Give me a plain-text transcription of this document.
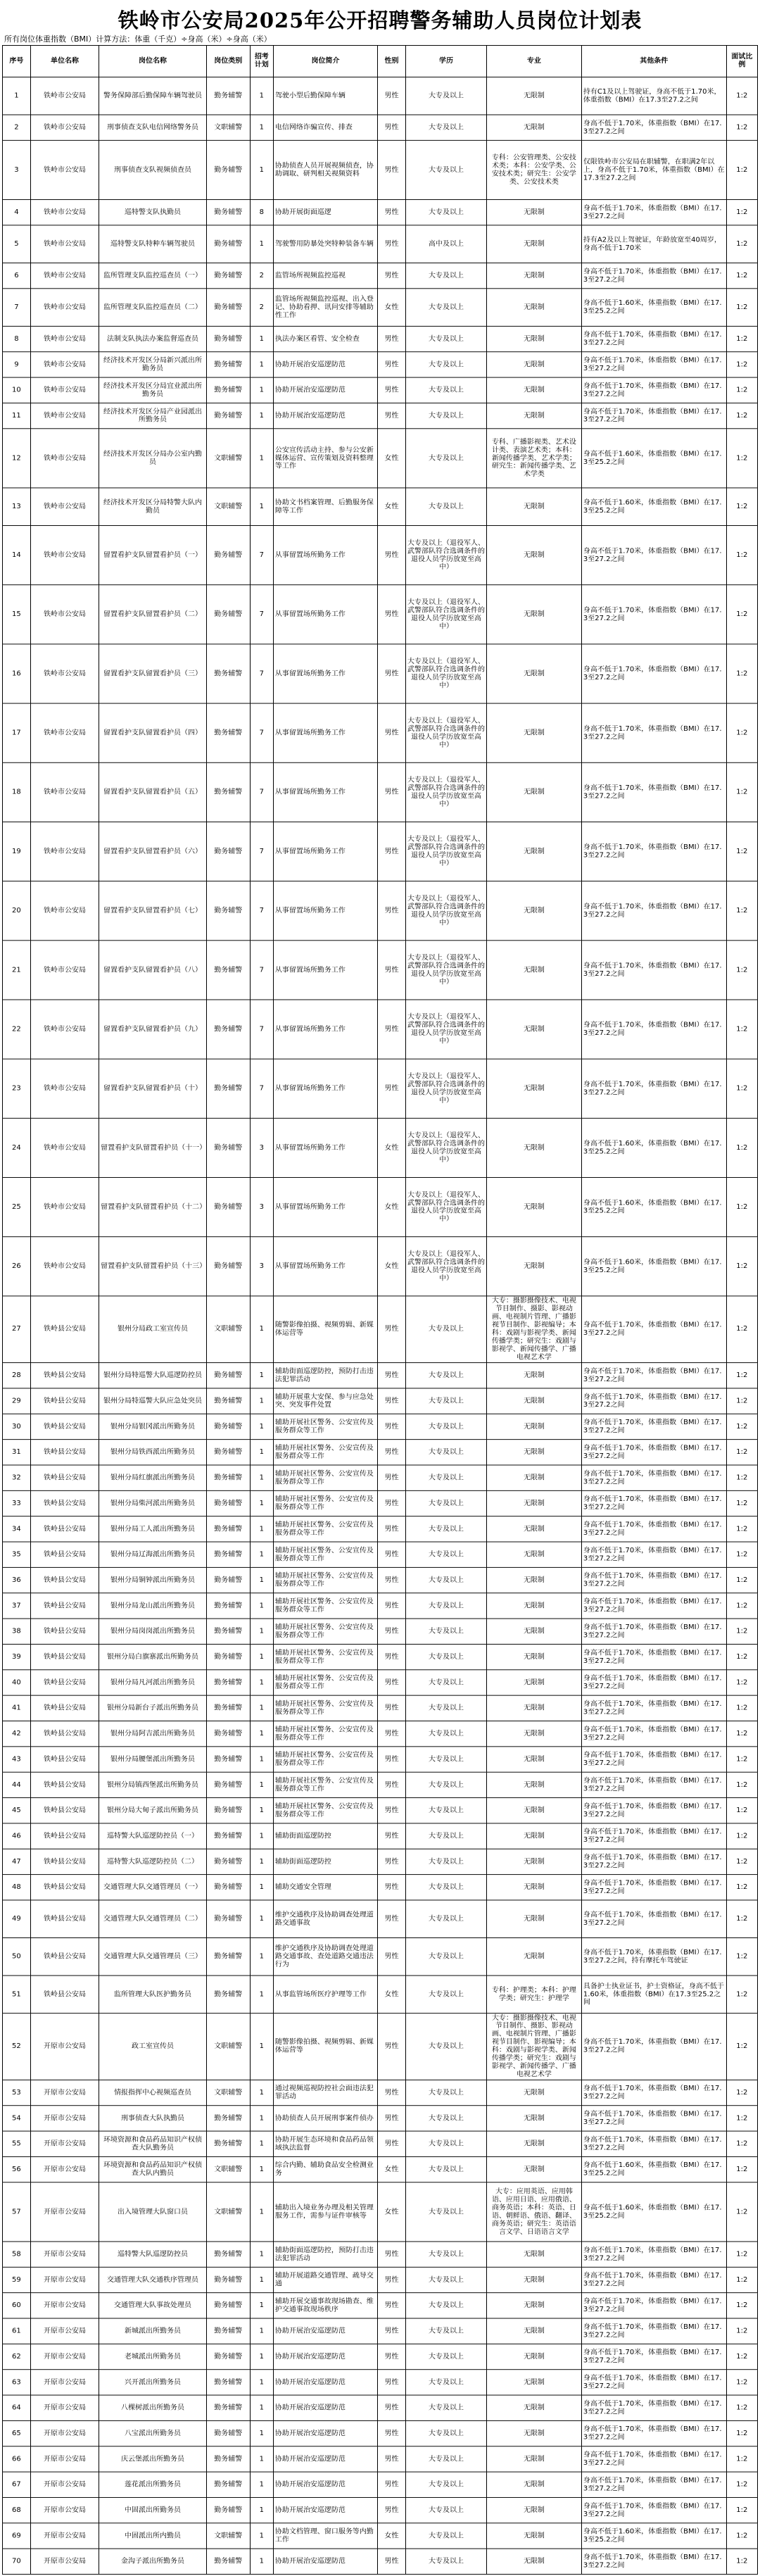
铁岭市公安局2025年公开招聘警务辅助人员岗位计划表
所有岗位体重指数（BMI）计算方法：体重（千克）÷身高（米）÷身高（米）
序号	单位名称	岗位名称	岗位类别	招考计划	岗位简介	性别	学历	专业	其他条件	面试比例
1	铁岭市公安局	警务保障部后勤保障车辆驾驶员	勤务辅警	1	驾驶小型后勤保障车辆	男性	大专及以上	无限制	持有C1及以上驾驶证，身高不低于1.70米，体重指数（BMI）在17.3至27.2之间	1:2
2	铁岭市公安局	刑事侦查支队电信网络警务员	文职辅警	1	电信网络诈骗宣传、排查	男性	大专及以上	无限制	身高不低于1.70米，体重指数（BMI）在17.3至27.2之间	1:2
3	铁岭市公安局	刑事侦查支队视频侦查员	勤务辅警	1	协助侦查人员开展视频侦查，协助调取、研判相关视频资料	男性	大专及以上	专科：公安管理类、公安技术类；本科：公安学类、公安技术类；研究生：公安学类、公安技术类	仅限铁岭市公安局在职辅警，在职满2年以上，身高不低于1.70米，体重指数（BMI）在17.3至27.2之间	1:2
4	铁岭市公安局	巡特警支队执勤员	勤务辅警	8	协助开展街面巡逻	男性	大专及以上	无限制	身高不低于1.70米，体重指数（BMI）在17.3至27.2之间	1:2
5	铁岭市公安局	巡特警支队特种车辆驾驶员	勤务辅警	1	驾驶警用防暴处突特种装备车辆	男性	高中及以上	无限制	持有A2及以上驾驶证，年龄放宽至40周岁，身高不低于1.70米	1:2
6	铁岭市公安局	监所管理支队监控巡查员（一）	勤务辅警	2	监管场所视频监控巡视	男性	大专及以上	无限制	身高不低于1.70米，体重指数（BMI）在17.3至27.2之间	1:2
7	铁岭市公安局	监所管理支队监控巡查员（二）	勤务辅警	2	监管场所视频监控巡视、出入登记、协助看押、讯问安排等辅助性工作	女性	大专及以上	无限制	身高不低于1.60米，体重指数（BMI）在17.3至25.2之间	1:2
8	铁岭市公安局	法制支队执法办案监督巡查员	勤务辅警	1	执法办案区看管、安全检查	男性	大专及以上	无限制	身高不低于1.70米，体重指数（BMI）在17.3至27.2之间	1:2
9	铁岭市公安局	经济技术开发区分局新兴派出所勤务员	勤务辅警	1	协助开展治安巡逻防范	男性	大专及以上	无限制	身高不低于1.70米，体重指数（BMI）在17.3至27.2之间	1:2
10	铁岭市公安局	经济技术开发区分局宜业派出所勤务员	勤务辅警	1	协助开展治安巡逻防范	男性	大专及以上	无限制	身高不低于1.70米，体重指数（BMI）在17.3至27.2之间	1:2
11	铁岭市公安局	经济技术开发区分局产业园派出所勤务员	勤务辅警	1	协助开展治安巡逻防范	男性	大专及以上	无限制	身高不低于1.70米，体重指数（BMI）在17.3至27.2之间	1:2
12	铁岭市公安局	经济技术开发区分局办公室内勤员	文职辅警	1	公安宣传活动主持、参与公安新媒体运营、宣传策划及资料整理等工作	女性	大专及以上	专科、广播影视类、艺术设计类、表演艺术类；本科：新闻传播学类、艺术学类；研究生：新闻传播学类、艺术学类	身高不低于1.60米，体重指数（BMI）在17.3至25.2之间	1:2
13	铁岭市公安局	经济技术开发区分局特警大队内勤员	文职辅警	1	协助文书档案管理、后勤服务保障等工作	女性	大专及以上	无限制	身高不低于1.60米，体重指数（BMI）在17.3至25.2之间	1:2
14	铁岭市公安局	留置看护支队留置看护员（一）	勤务辅警	7	从事留置场所勤务工作	男性	大专及以上（退役军人、武警部队符合选调条件的退役人员学历放宽至高中）	无限制	身高不低于1.70米，体重指数（BMI）在17.3至27.2之间	1:2
15	铁岭市公安局	留置看护支队留置看护员（二）	勤务辅警	7	从事留置场所勤务工作	男性	大专及以上（退役军人、武警部队符合选调条件的退役人员学历放宽至高中）	无限制	身高不低于1.70米，体重指数（BMI）在17.3至27.2之间	1:2
16	铁岭市公安局	留置看护支队留置看护员（三）	勤务辅警	7	从事留置场所勤务工作	男性	大专及以上（退役军人、武警部队符合选调条件的退役人员学历放宽至高中）	无限制	身高不低于1.70米，体重指数（BMI）在17.3至27.2之间	1:2
17	铁岭市公安局	留置看护支队留置看护员（四）	勤务辅警	7	从事留置场所勤务工作	男性	大专及以上（退役军人、武警部队符合选调条件的退役人员学历放宽至高中）	无限制	身高不低于1.70米，体重指数（BMI）在17.3至27.2之间	1:2
18	铁岭市公安局	留置看护支队留置看护员（五）	勤务辅警	7	从事留置场所勤务工作	男性	大专及以上（退役军人、武警部队符合选调条件的退役人员学历放宽至高中）	无限制	身高不低于1.70米，体重指数（BMI）在17.3至27.2之间	1:2
19	铁岭市公安局	留置看护支队留置看护员（六）	勤务辅警	7	从事留置场所勤务工作	男性	大专及以上（退役军人、武警部队符合选调条件的退役人员学历放宽至高中）	无限制	身高不低于1.70米，体重指数（BMI）在17.3至27.2之间	1:2
20	铁岭市公安局	留置看护支队留置看护员（七）	勤务辅警	7	从事留置场所勤务工作	男性	大专及以上（退役军人、武警部队符合选调条件的退役人员学历放宽至高中）	无限制	身高不低于1.70米，体重指数（BMI）在17.3至27.2之间	1:2
21	铁岭市公安局	留置看护支队留置看护员（八）	勤务辅警	7	从事留置场所勤务工作	男性	大专及以上（退役军人、武警部队符合选调条件的退役人员学历放宽至高中）	无限制	身高不低于1.70米，体重指数（BMI）在17.3至27.2之间	1:2
22	铁岭市公安局	留置看护支队留置看护员（九）	勤务辅警	7	从事留置场所勤务工作	男性	大专及以上（退役军人、武警部队符合选调条件的退役人员学历放宽至高中）	无限制	身高不低于1.70米，体重指数（BMI）在17.3至27.2之间	1:2
23	铁岭市公安局	留置看护支队留置看护员（十）	勤务辅警	7	从事留置场所勤务工作	男性	大专及以上（退役军人、武警部队符合选调条件的退役人员学历放宽至高中）	无限制	身高不低于1.70米，体重指数（BMI）在17.3至27.2之间	1:2
24	铁岭市公安局	留置看护支队留置看护员（十一）	勤务辅警	3	从事留置场所勤务工作	女性	大专及以上（退役军人、武警部队符合选调条件的退役人员学历放宽至高中）	无限制	身高不低于1.60米，体重指数（BMI）在17.3至25.2之间	1:2
25	铁岭市公安局	留置看护支队留置看护员（十二）	勤务辅警	3	从事留置场所勤务工作	女性	大专及以上（退役军人、武警部队符合选调条件的退役人员学历放宽至高中）	无限制	身高不低于1.60米，体重指数（BMI）在17.3至25.2之间	1:2
26	铁岭市公安局	留置看护支队留置看护员（十三）	勤务辅警	3	从事留置场所勤务工作	女性	大专及以上（退役军人、武警部队符合选调条件的退役人员学历放宽至高中）	无限制	身高不低于1.60米，体重指数（BMI）在17.3至25.2之间	1:2
27	铁岭县公安局	银州分局政工室宣传员	文职辅警	1	随警影像拍摄、视频剪辑、新媒体运营等	男性	大专及以上	大专：摄影摄像技术、电视节目制作、摄影、影视动画、电视制片管理、广播影视节目制作、影视编导；本科：戏剧与影视学类、新闻传播学类；研究生：戏剧与影视学、新闻传播学、广播电视艺术学	身高不低于1.70米，体重指数（BMI）在17.3至27.2之间	1:2
28	铁岭县公安局	银州分局特巡警大队巡逻防控员	勤务辅警	1	辅助街面巡逻防控，预防打击违法犯罪活动	男性	大专及以上	无限制	身高不低于1.70米，体重指数（BMI）在17.3至27.2之间	1:2
29	铁岭县公安局	银州分局特巡警大队应急处突员	勤务辅警	1	辅助开展重大安保、参与应急处突、突发事件处置	男性	大专及以上	无限制	身高不低于1.70米，体重指数（BMI）在17.3至27.2之间	1:2
30	铁岭县公安局	银州分局银冈派出所勤务员	勤务辅警	1	辅助开展社区警务、公安宣传及服务群众等工作	男性	大专及以上	无限制	身高不低于1.70米，体重指数（BMI）在17.3至27.2之间	1:2
31	铁岭县公安局	银州分局铁西派出所勤务员	勤务辅警	1	辅助开展社区警务、公安宣传及服务群众等工作	男性	大专及以上	无限制	身高不低于1.70米，体重指数（BMI）在17.3至27.2之间	1:2
32	铁岭县公安局	银州分局红旗派出所勤务员	勤务辅警	1	辅助开展社区警务、公安宣传及服务群众等工作	男性	大专及以上	无限制	身高不低于1.70米，体重指数（BMI）在17.3至27.2之间	1:2
33	铁岭县公安局	银州分局柴河派出所勤务员	勤务辅警	1	辅助开展社区警务、公安宣传及服务群众等工作	男性	大专及以上	无限制	身高不低于1.70米，体重指数（BMI）在17.3至27.2之间	1:2
34	铁岭县公安局	银州分局工人派出所勤务员	勤务辅警	1	辅助开展社区警务、公安宣传及服务群众等工作	男性	大专及以上	无限制	身高不低于1.70米，体重指数（BMI）在17.3至27.2之间	1:2
35	铁岭县公安局	银州分局辽海派出所勤务员	勤务辅警	1	辅助开展社区警务、公安宣传及服务群众等工作	男性	大专及以上	无限制	身高不低于1.70米，体重指数（BMI）在17.3至27.2之间	1:2
36	铁岭县公安局	银州分局铜钟派出所勤务员	勤务辅警	1	辅助开展社区警务、公安宣传及服务群众等工作	男性	大专及以上	无限制	身高不低于1.70米，体重指数（BMI）在17.3至27.2之间	1:2
37	铁岭县公安局	银州分局龙山派出所勤务员	勤务辅警	1	辅助开展社区警务、公安宣传及服务群众等工作	男性	大专及以上	无限制	身高不低于1.70米，体重指数（BMI）在17.3至27.2之间	1:2
38	铁岭县公安局	银州分局岗岗派出所勤务员	勤务辅警	1	辅助开展社区警务、公安宣传及服务群众等工作	男性	大专及以上	无限制	身高不低于1.70米，体重指数（BMI）在17.3至27.2之间	1:2
39	铁岭县公安局	银州分局白旗寨派出所勤务员	勤务辅警	1	辅助开展社区警务、公安宣传及服务群众等工作	男性	大专及以上	无限制	身高不低于1.70米，体重指数（BMI）在17.3至27.2之间	1:2
40	铁岭县公安局	银州分局凡河派出所勤务员	勤务辅警	1	辅助开展社区警务、公安宣传及服务群众等工作	男性	大专及以上	无限制	身高不低于1.70米，体重指数（BMI）在17.3至27.2之间	1:2
41	铁岭县公安局	银州分局新台子派出所勤务员	勤务辅警	1	辅助开展社区警务、公安宣传及服务群众等工作	男性	大专及以上	无限制	身高不低于1.70米，体重指数（BMI）在17.3至27.2之间	1:2
42	铁岭县公安局	银州分局阿吉派出所勤务员	勤务辅警	1	辅助开展社区警务、公安宣传及服务群众等工作	男性	大专及以上	无限制	身高不低于1.70米，体重指数（BMI）在17.3至27.2之间	1:2
43	铁岭县公安局	银州分局腰堡派出所勤务员	勤务辅警	1	辅助开展社区警务、公安宣传及服务群众等工作	男性	大专及以上	无限制	身高不低于1.70米，体重指数（BMI）在17.3至27.2之间	1:2
44	铁岭县公安局	银州分局镇西堡派出所勤务员	勤务辅警	1	辅助开展社区警务、公安宣传及服务群众等工作	男性	大专及以上	无限制	身高不低于1.70米，体重指数（BMI）在17.3至27.2之间	1:2
45	铁岭县公安局	银州分局大甸子派出所勤务员	勤务辅警	1	辅助开展社区警务、公安宣传及服务群众等工作	男性	大专及以上	无限制	身高不低于1.70米，体重指数（BMI）在17.3至27.2之间	1:2
46	铁岭县公安局	巡特警大队巡逻防控员（一）	勤务辅警	1	辅助街面巡逻防控	男性	大专及以上	无限制	身高不低于1.70米，体重指数（BMI）在17.3至27.2之间	1:2
47	铁岭县公安局	巡特警大队巡逻防控员（二）	勤务辅警	1	辅助街面巡逻防控	男性	大专及以上	无限制	身高不低于1.70米，体重指数（BMI）在17.3至27.2之间	1:2
48	铁岭县公安局	交通管理大队交通管理员（一）	勤务辅警	1	辅助交通安全管理	男性	大专及以上	无限制	身高不低于1.70米，体重指数（BMI）在17.3至27.2之间	1:2
49	铁岭县公安局	交通管理大队交通管理员（二）	勤务辅警	1	维护交通秩序及协助调查处理道路交通事故	男性	大专及以上	无限制	身高不低于1.70米，体重指数（BMI）在17.3至27.2之间	1:2
50	铁岭县公安局	交通管理大队交通管理员（三）	勤务辅警	1	维护交通秩序及协助调查处理道路交通事故、查处道路交通违法行为	男性	大专及以上	无限制	身高不低于1.70米，体重指数（BMI）在17.3至27.2之间，持有摩托车驾驶证	1:2
51	铁岭县公安局	监所管理大队医护勤务员	勤务辅警	1	从事监管场所医疗护理等工作	女性	大专及以上	专科：护理类；本科：护理学类；研究生：护理学	具备护士执业证书，护士资格证，身高不低于1.60米，体重指数（BMI）在17.3至25.2之间	1:2
52	开原市公安局	政工室宣传员	文职辅警	1	随警影像拍摄、视频剪辑、新媒体运营等	男性	大专及以上	大专：摄影摄像技术、电视节目制作、摄影、影视动画、电视制片管理、广播影视节目制作、影视编导；本科：戏剧与影视学类、新闻传播学类；研究生：戏剧与影视学、新闻传播学、广播电视艺术学	身高不低于1.70米，体重指数（BMI）在17.3至27.2之间	1:2
53	开原市公安局	情报指挥中心视频巡查员	文职辅警	1	通过视频巡视防控社会面违法犯罪活动	男性	大专及以上	无限制	身高不低于1.70米，体重指数（BMI）在17.3至27.2之间	1:2
54	开原市公安局	刑事侦查大队执勤员	勤务辅警	1	协助侦查人员开展刑事案件侦办	男性	大专及以上	无限制	身高不低于1.70米，体重指数（BMI）在17.3至27.2之间	1:2
55	开原市公安局	环境资源和食品药品知识产权侦查大队勤务员	勤务辅警	1	协助开展生态环境和食品药品领域执法监督	男性	大专及以上	无限制	身高不低于1.70米，体重指数（BMI）在17.3至27.2之间	1:2
56	开原市公安局	环境资源和食品药品知识产权侦查大队内勤员	文职辅警	1	综合内勤、辅助食品安全检测业务	女性	大专及以上	无限制	身高不低于1.60米，体重指数（BMI）在17.3至25.2之间	1:2
57	开原市公安局	出入境管理大队窗口员	文职辅警	1	辅助出入境业务办理及相关管理服务工作，需参与证件审核等	女性	大专及以上	大专：应用英语、应用韩语、应用日语、应用俄语、商务英语；本科：英语、日语、朝鲜语、俄语、翻译、商务英语；研究生：英语语言文学、日语语言文学	身高不低于1.60米，体重指数（BMI）在17.3至25.2之间	1:2
58	开原市公安局	巡特警大队巡逻防控员	勤务辅警	1	辅助街面巡逻防控，预防打击违法犯罪活动	男性	大专及以上	无限制	身高不低于1.70米，体重指数（BMI）在17.3至27.2之间	1:2
59	开原市公安局	交通管理大队交通秩序管理员	勤务辅警	1	辅助开展道路交通管理、疏导交通	男性	大专及以上	无限制	身高不低于1.70米，体重指数（BMI）在17.3至27.2之间	1:2
60	开原市公安局	交通管理大队事故处理员	勤务辅警	1	辅助开展交通事故现场勘查、维护交通事故现场秩序	男性	大专及以上	无限制	身高不低于1.70米，体重指数（BMI）在17.3至27.2之间	1:2
61	开原市公安局	新城派出所勤务员	勤务辅警	1	协助开展治安巡逻防范	男性	大专及以上	无限制	身高不低于1.70米，体重指数（BMI）在17.3至27.2之间	1:2
62	开原市公安局	老城派出所勤务员	勤务辅警	1	协助开展治安巡逻防范	男性	大专及以上	无限制	身高不低于1.70米，体重指数（BMI）在17.3至27.2之间	1:2
63	开原市公安局	兴开派出所勤务员	勤务辅警	1	协助开展治安巡逻防范	男性	大专及以上	无限制	身高不低于1.70米，体重指数（BMI）在17.3至27.2之间	1:2
64	开原市公安局	八棵树派出所勤务员	勤务辅警	1	协助开展治安巡逻防范	男性	大专及以上	无限制	身高不低于1.70米，体重指数（BMI）在17.3至27.2之间	1:2
65	开原市公安局	八宝派出所勤务员	勤务辅警	1	协助开展治安巡逻防范	男性	大专及以上	无限制	身高不低于1.70米，体重指数（BMI）在17.3至27.2之间	1:2
66	开原市公安局	庆云堡派出所勤务员	勤务辅警	1	协助开展治安巡逻防范	男性	大专及以上	无限制	身高不低于1.70米，体重指数（BMI）在17.3至27.2之间	1:2
67	开原市公安局	莲花派出所勤务员	勤务辅警	1	协助开展治安巡逻防范	男性	大专及以上	无限制	身高不低于1.70米，体重指数（BMI）在17.3至27.2之间	1:2
68	开原市公安局	中固派出所勤务员	勤务辅警	1	协助开展治安巡逻防范	男性	大专及以上	无限制	身高不低于1.70米，体重指数（BMI）在17.3至27.2之间	1:2
69	开原市公安局	中固派出所内勤员	文职辅警	1	协助文档管理、窗口服务等内勤工作	女性	大专及以上	无限制	身高不低于1.60米，体重指数（BMI）在17.3至25.2之间	1:2
70	开原市公安局	金沟子派出所勤务员	勤务辅警	1	协助开展治安巡逻防范	男性	大专及以上	无限制	身高不低于1.70米，体重指数（BMI）在17.3至27.2之间	1:2
